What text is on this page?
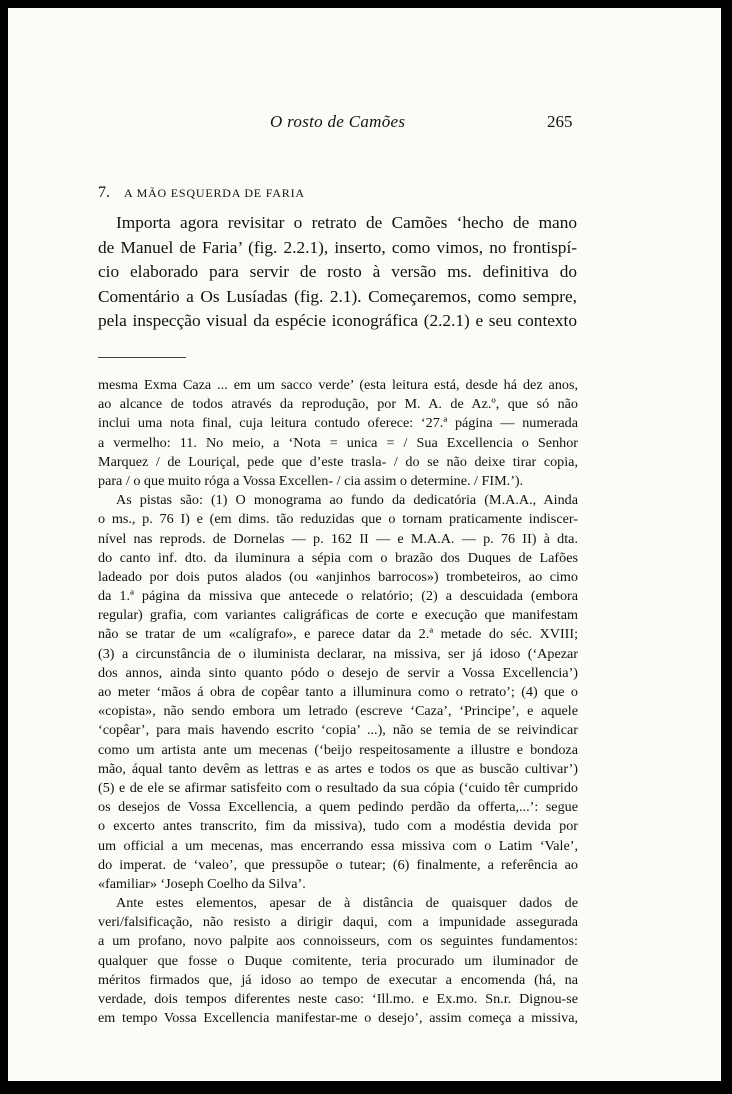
O rosto de Camões	265
7. A MÃO ESQUERDA DE FARIA
Importa agora revisitar o retrato de Camões ‘hecho de mano
de Manuel de Faria’ (fig. 2.2.1), inserto, como vimos, no frontispí-
cio elaborado para servir de rosto à versão ms. definitiva do
Comentário a Os Lusíadas (fig. 2.1). Começaremos, como sempre,
pela inspecção visual da espécie iconográfica (2.2.1) e seu contexto
mesma Exma Caza ... em um sacco verde’ (esta leitura está, desde há dez anos,
ao alcance de todos através da reprodução, por M. A. de Az.º, que só não
inclui uma nota final, cuja leitura contudo oferece: ‘27.ª página — numerada
a vermelho: 11. No meio, a ‘Nota = unica = / Sua Excellencia o Senhor
Marquez / de Louriçal, pede que d’este trasla- / do se não deixe tirar copia,
para / o que muito róga a Vossa Excellen- / cia assim o determine. / FIM.’).
As pistas são: (1) O monograma ao fundo da dedicatória (M.A.A., Ainda
o ms., p. 76 I) e (em dims. tão reduzidas que o tornam praticamente indiscer-
nível nas reprods. de Dornelas — p. 162 II — e M.A.A. — p. 76 II) à dta.
do canto inf. dto. da iluminura a sépia com o brazão dos Duques de Lafões
ladeado por dois putos alados (ou «anjinhos barrocos») trombeteiros, ao cimo
da 1.ª página da missiva que antecede o relatório; (2) a descuidada (embora
regular) grafia, com variantes caligráficas de corte e execução que manifestam
não se tratar de um «calígrafo», e parece datar da 2.ª metade do séc. XVIII;
(3) a circunstância de o iluminista declarar, na missiva, ser já idoso (‘Apezar
dos annos, ainda sinto quanto pódo o desejo de servir a Vossa Excellencia’)
ao meter ‘mãos á obra de copêar tanto a illuminura como o retrato’; (4) que o
«copista», não sendo embora um letrado (escreve ‘Caza’, ‘Principe’, e aquele
‘copêar’, para mais havendo escrito ‘copia’ ...), não se temia de se reivindicar
como um artista ante um mecenas (‘beijo respeitosamente a illustre e bondoza
mão, áqual tanto devêm as lettras e as artes e todos os que as buscão cultivar’)
(5) e de ele se afirmar satisfeito com o resultado da sua cópia (‘cuido têr cumprido
os desejos de Vossa Excellencia, a quem pedindo perdão da offerta,...’: segue
o excerto antes transcrito, fim da missiva), tudo com a modéstia devida por
um official a um mecenas, mas encerrando essa missiva com o Latim ‘Vale’,
do imperat. de ‘valeo’, que pressupõe o tutear; (6) finalmente, a referência ao
«familiar» ‘Joseph Coelho da Silva’.
Ante estes elementos, apesar de à distância de quaisquer dados de
veri/falsificação, não resisto a dirigir daqui, com a impunidade assegurada
a um profano, novo palpite aos connoisseurs, com os seguintes fundamentos:
qualquer que fosse o Duque comitente, teria procurado um iluminador de
méritos firmados que, já idoso ao tempo de executar a encomenda (há, na
verdade, dois tempos diferentes neste caso: ‘Ill.mo. e Ex.mo. Sn.r. Dignou-se
em tempo Vossa Excellencia manifestar-me o desejo’, assim começa a missiva,
